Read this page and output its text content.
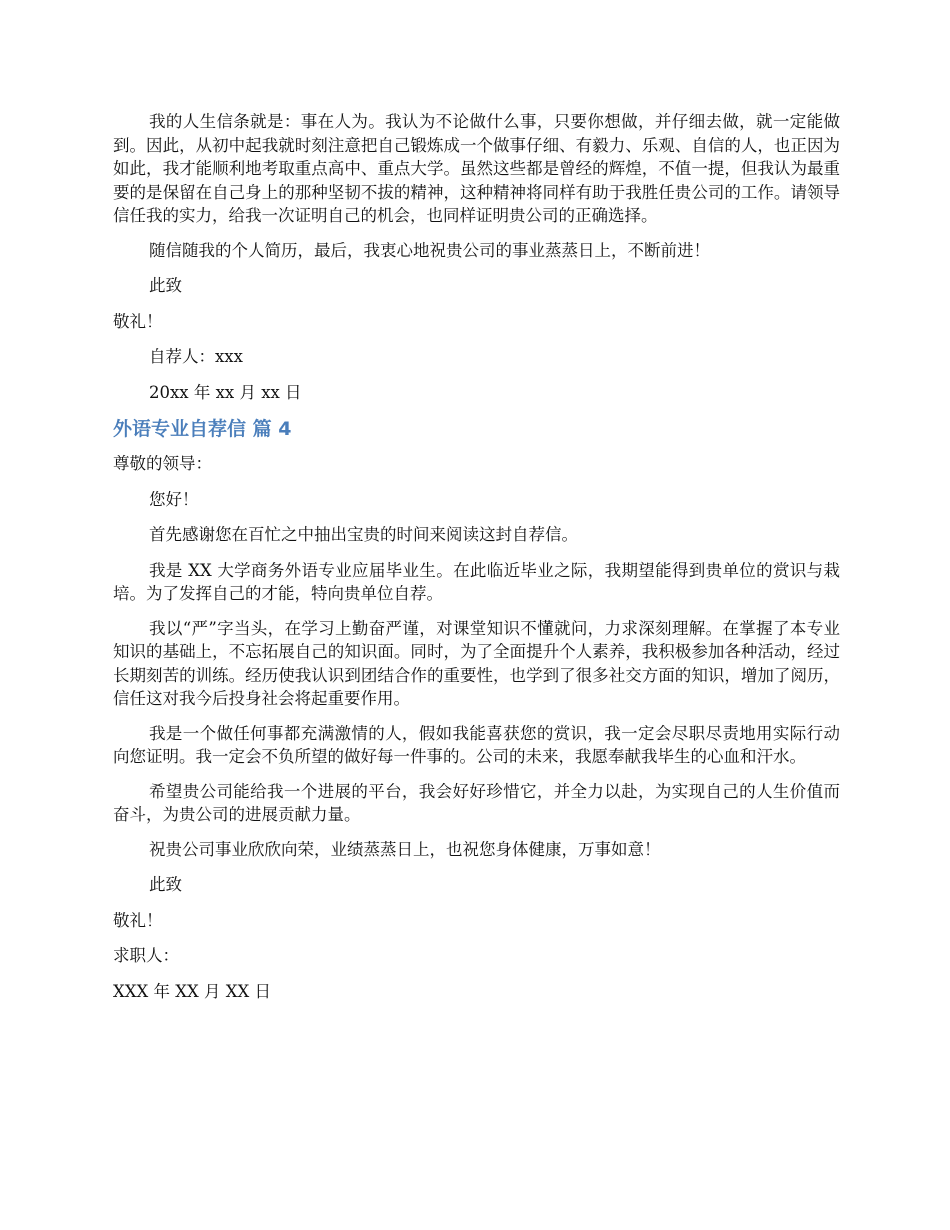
我的人生信条就是：事在人为。我认为不论做什么事，只要你想做，并仔细去做，就一定能做到。因此，从初中起我就时刻注意把自己锻炼成一个做事仔细、有毅力、乐观、自信的人，也正因为如此，我才能顺利地考取重点高中、重点大学。虽然这些都是曾经的辉煌，不值一提，但我认为最重要的是保留在自己身上的那种坚韧不拔的精神，这种精神将同样有助于我胜任贵公司的工作。请领导信任我的实力，给我一次证明自己的机会，也同样证明贵公司的正确选择。

随信随我的个人简历，最后，我衷心地祝贵公司的事业蒸蒸日上，不断前进！

此致

敬礼！

自荐人：xxx

20xx 年 xx 月 xx 日

外语专业自荐信 篇 4

尊敬的领导：

您好！

首先感谢您在百忙之中抽出宝贵的时间来阅读这封自荐信。

我是 XX 大学商务外语专业应届毕业生。在此临近毕业之际，我期望能得到贵单位的赏识与栽培。为了发挥自己的才能，特向贵单位自荐。

我以“严”字当头，在学习上勤奋严谨，对课堂知识不懂就问，力求深刻理解。在掌握了本专业知识的基础上，不忘拓展自己的知识面。同时，为了全面提升个人素养，我积极参加各种活动，经过长期刻苦的训练。经历使我认识到团结合作的重要性，也学到了很多社交方面的知识，增加了阅历，信任这对我今后投身社会将起重要作用。

我是一个做任何事都充满激情的人，假如我能喜获您的赏识，我一定会尽职尽责地用实际行动向您证明。我一定会不负所望的做好每一件事的。公司的未来，我愿奉献我毕生的心血和汗水。

希望贵公司能给我一个进展的平台，我会好好珍惜它，并全力以赴，为实现自己的人生价值而奋斗，为贵公司的进展贡献力量。

祝贵公司事业欣欣向荣，业绩蒸蒸日上，也祝您身体健康，万事如意！

此致

敬礼！

求职人：

XXX 年 XX 月 XX 日
